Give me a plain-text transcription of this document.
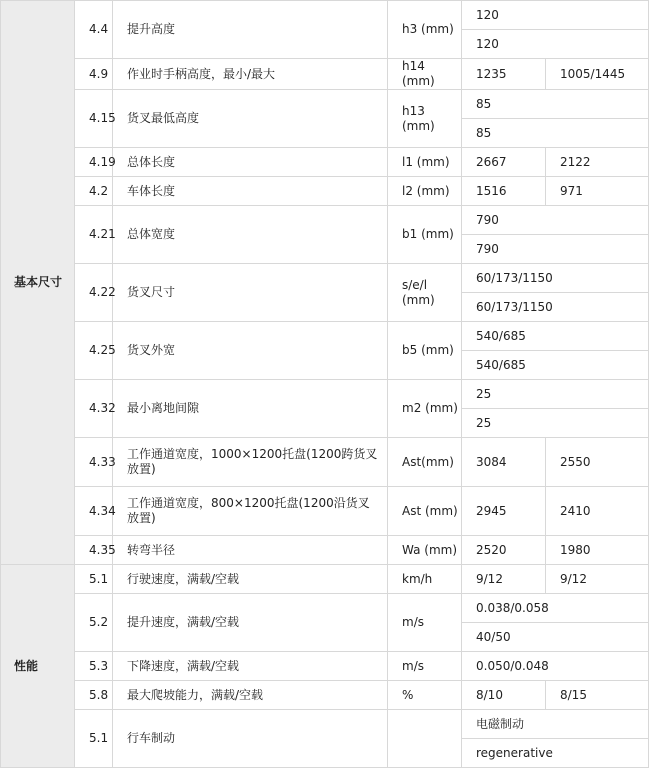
基本尺寸	4.4	提升高度	h3 (mm)	120	
				120	
	4.9	作业时手柄高度，最小/最大	h14 (mm)	1235	1005/1445
	4.15	货叉最低高度	h13 (mm)	85	
				85	
	4.19	总体长度	l1 (mm)	2667	2122
	4.2	车体长度	l2 (mm)	1516	971
	4.21	总体宽度	b1 (mm)	790	
				790	
	4.22	货叉尺寸	s/e/l (mm)	60/173/1150	
				60/173/1150	
	4.25	货叉外宽	b5 (mm)	540/685	
				540/685	
	4.32	最小离地间隙	m2 (mm)	25	
				25	
	4.33	工作通道宽度，1000×1200托盘(1200跨货叉放置)	Ast(mm)	3084	2550
	4.34	工作通道宽度，800×1200托盘(1200沿货叉放置)	Ast (mm)	2945	2410
	4.35	转弯半径	Wa (mm)	2520	1980
性能	5.1	行驶速度，满载/空载	km/h	9/12	9/12
	5.2	提升速度，满载/空载	m/s	0.038/0.058	
				40/50	
	5.3	下降速度，满载/空载	m/s	0.050/0.048	
	5.8	最大爬坡能力，满载/空载	%	8/10	8/15
	5.1	行车制动		电磁制动	
				regenerative	
